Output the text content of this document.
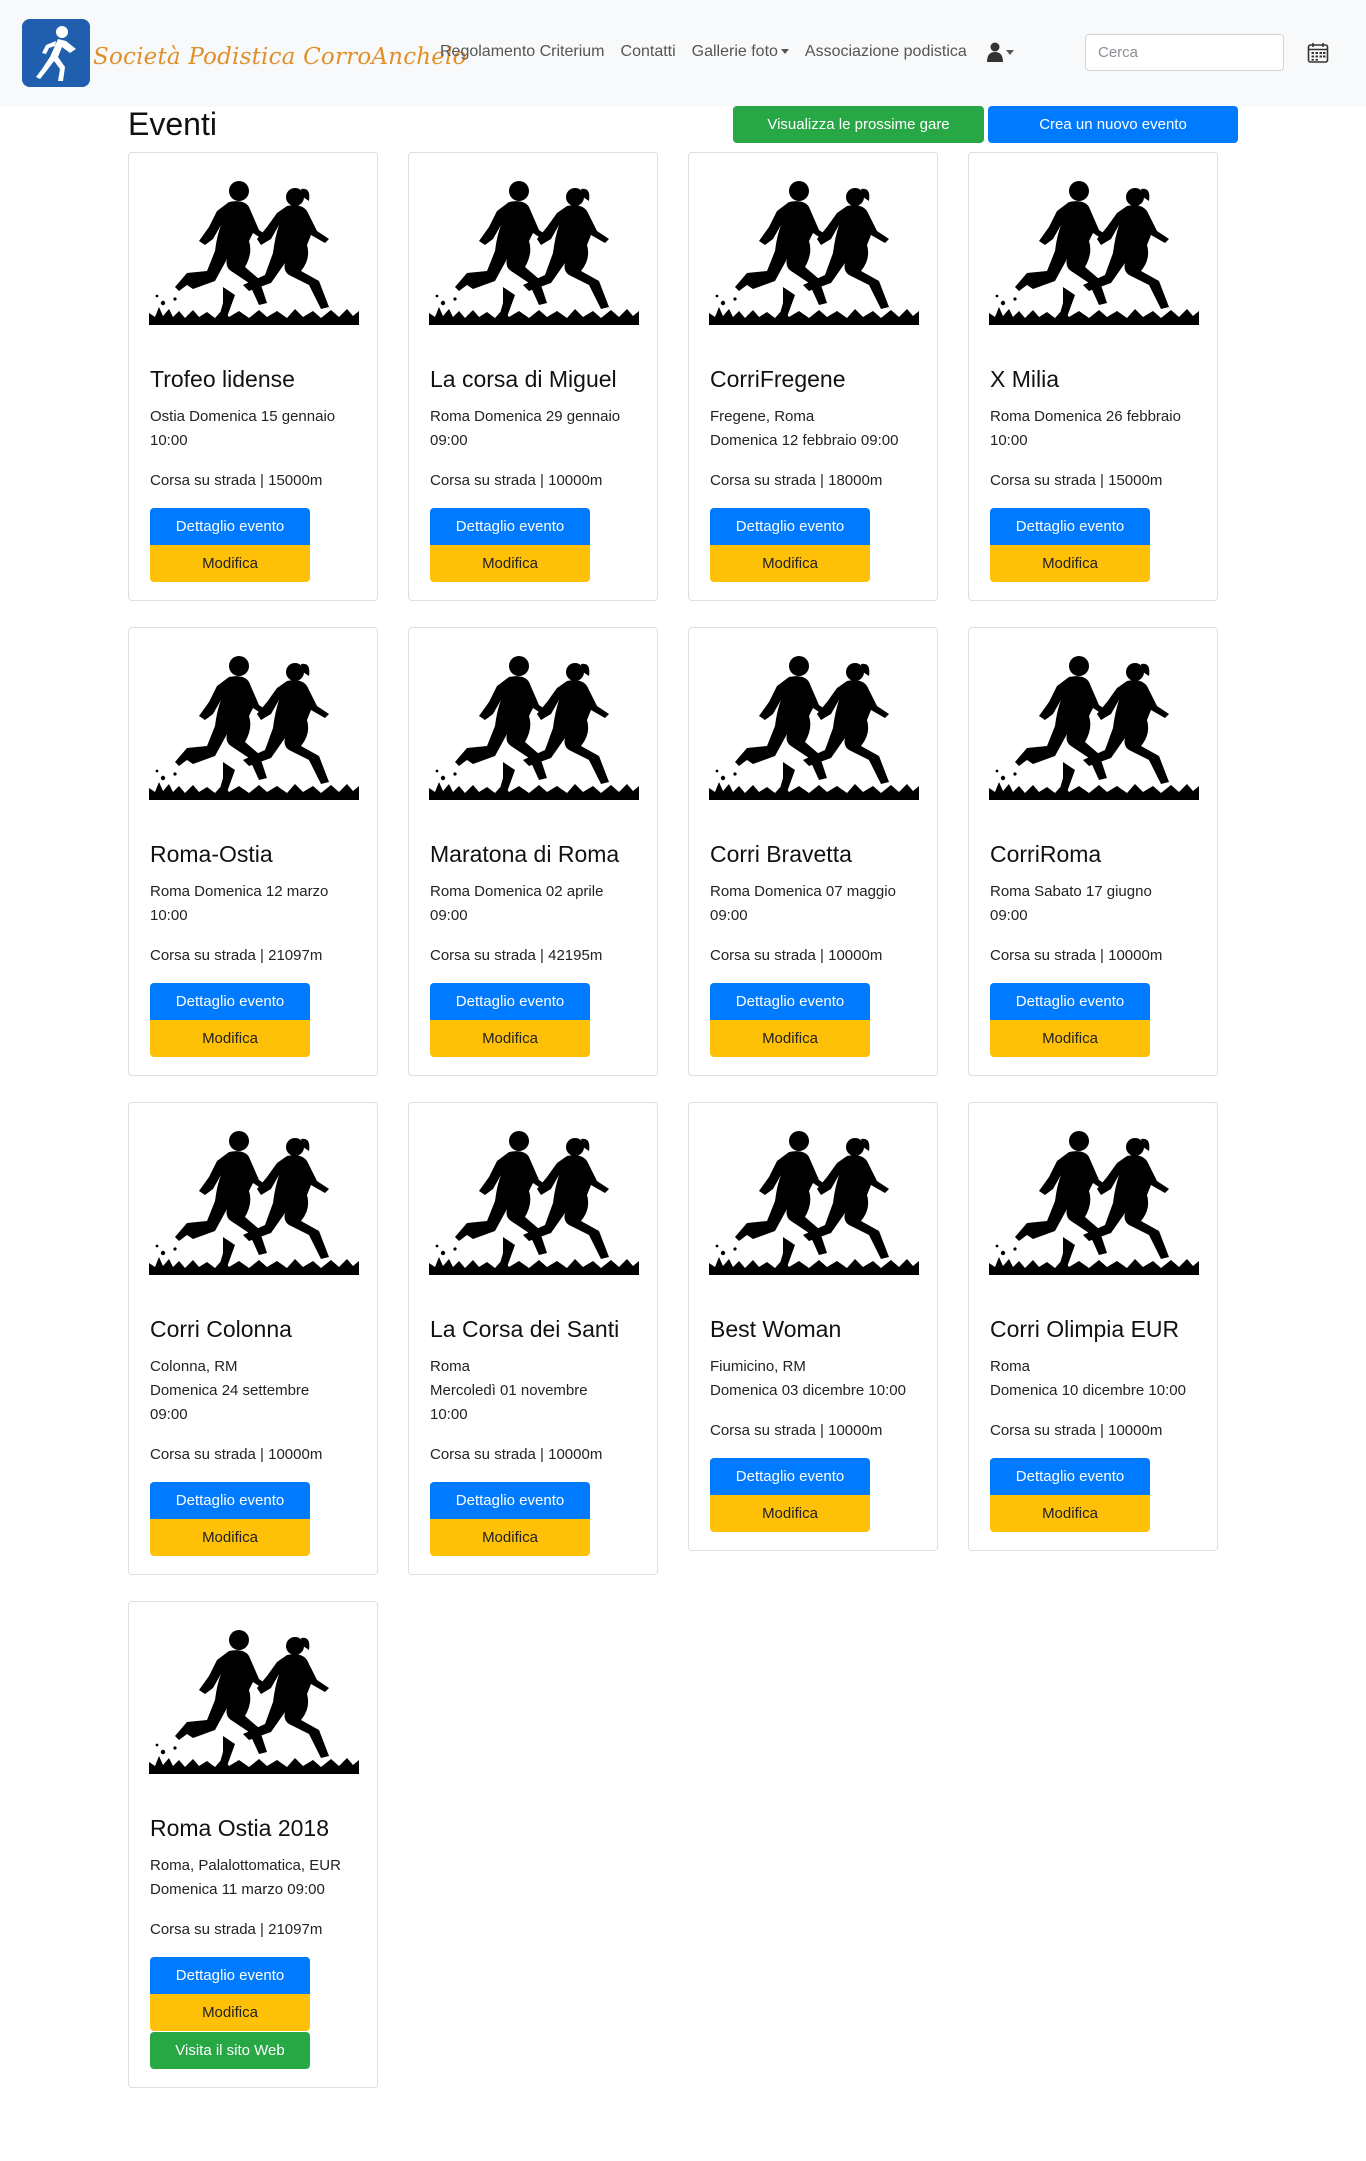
Società Podistica CorroAnchelo
Regolamento Criterium Contatti Gallerie foto	Associazione podistica
Cerca
Eventi	Visualizza le prossime gare	Crea un nuovo evento
Trofeo lidense
Ostia Domenica 15 gennaio
10:00
Corsa su strada | 15000m
Dettaglio evento
Modifica
La corsa di Miguel
Roma Domenica 29 gennaio
09:00
Corsa su strada | 10000m
Dettaglio evento
Modifica
CorriFregene
Fregene, Roma
Domenica 12 febbraio 09:00
Corsa su strada | 18000m
Dettaglio evento
Modifica
X Milia
Roma Domenica 26 febbraio
10:00
Corsa su strada | 15000m
Dettaglio evento
Modifica
Roma-Ostia
Roma Domenica 12 marzo
10:00
Corsa su strada | 21097m
Dettaglio evento
Modifica
Maratona di Roma
Roma Domenica 02 aprile
09:00
Corsa su strada | 42195m
Dettaglio evento
Modifica
Corri Bravetta
Roma Domenica 07 maggio
09:00
Corsa su strada | 10000m
Dettaglio evento
Modifica
CorriRoma
Roma Sabato 17 giugno
09:00
Corsa su strada | 10000m
Dettaglio evento
Modifica
Corri Colonna
Colonna, RM
Domenica 24 settembre
09:00
Corsa su strada | 10000m
Dettaglio evento
Modifica
La Corsa dei Santi
Roma
Mercoledì 01 novembre
10:00
Corsa su strada | 10000m
Dettaglio evento
Modifica
Best Woman
Fiumicino, RM
Domenica 03 dicembre 10:00
Corsa su strada | 10000m
Dettaglio evento
Modifica
Corri Olimpia EUR
Roma
Domenica 10 dicembre 10:00
Corsa su strada | 10000m
Dettaglio evento
Modifica
Roma Ostia 2018
Roma, Palalottomatica, EUR
Domenica 11 marzo 09:00
Corsa su strada | 21097m
Dettaglio evento
Modifica
Visita il sito Web
